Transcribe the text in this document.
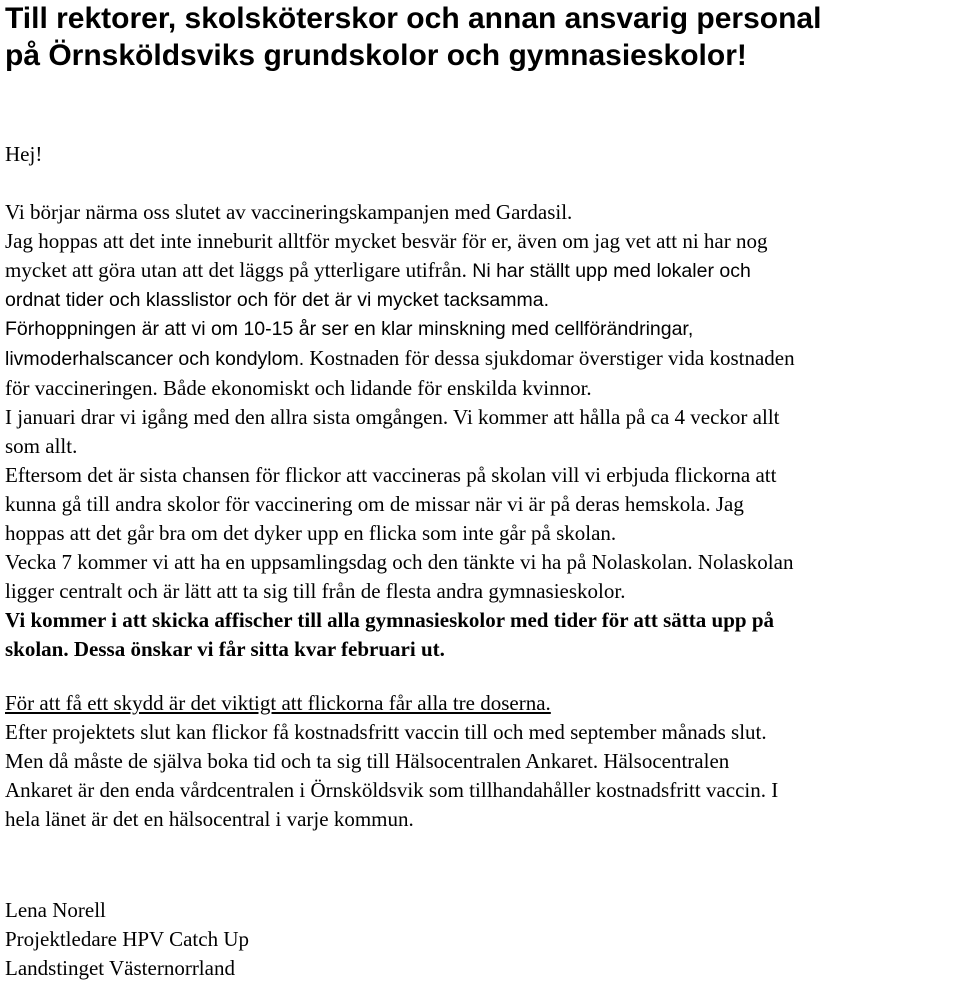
Till rektorer, skolsköterskor och annan ansvarig personal
på Örnsköldsviks grundskolor och gymnasieskolor!

Hej!

Vi börjar närma oss slutet av vaccineringskampanjen med Gardasil.
Jag hoppas att det inte inneburit alltför mycket besvär för er, även om jag vet att ni har nog
mycket att göra utan att det läggs på ytterligare utifrån. Ni har ställt upp med lokaler och
ordnat tider och klasslistor och för det är vi mycket tacksamma.
Förhoppningen är att vi om 10-15 år ser en klar minskning med cellförändringar,
livmoderhalscancer och kondylom. Kostnaden för dessa sjukdomar överstiger vida kostnaden
för vaccineringen. Både ekonomiskt och lidande för enskilda kvinnor.
I januari drar vi igång med den allra sista omgången. Vi kommer att hålla på ca 4 veckor allt
som allt.
Eftersom det är sista chansen för flickor att vaccineras på skolan vill vi erbjuda flickorna att
kunna gå till andra skolor för vaccinering om de missar när vi är på deras hemskola. Jag
hoppas att det går bra om det dyker upp en flicka som inte går på skolan.
Vecka 7 kommer vi att ha en uppsamlingsdag och den tänkte vi ha på Nolaskolan. Nolaskolan
ligger centralt och är lätt att ta sig till från de flesta andra gymnasieskolor.
Vi kommer i att skicka affischer till alla gymnasieskolor med tider för att sätta upp på
skolan. Dessa önskar vi får sitta kvar februari ut.
För att få ett skydd är det viktigt att flickorna får alla tre doserna.
Efter projektets slut kan flickor få kostnadsfritt vaccin till och med september månads slut.
Men då måste de själva boka tid och ta sig till Hälsocentralen Ankaret. Hälsocentralen
Ankaret är den enda vårdcentralen i Örnsköldsvik som tillhandahåller kostnadsfritt vaccin. I
hela länet är det en hälsocentral i varje kommun.
Lena Norell
Projektledare HPV Catch Up
Landstinget Västernorrland
